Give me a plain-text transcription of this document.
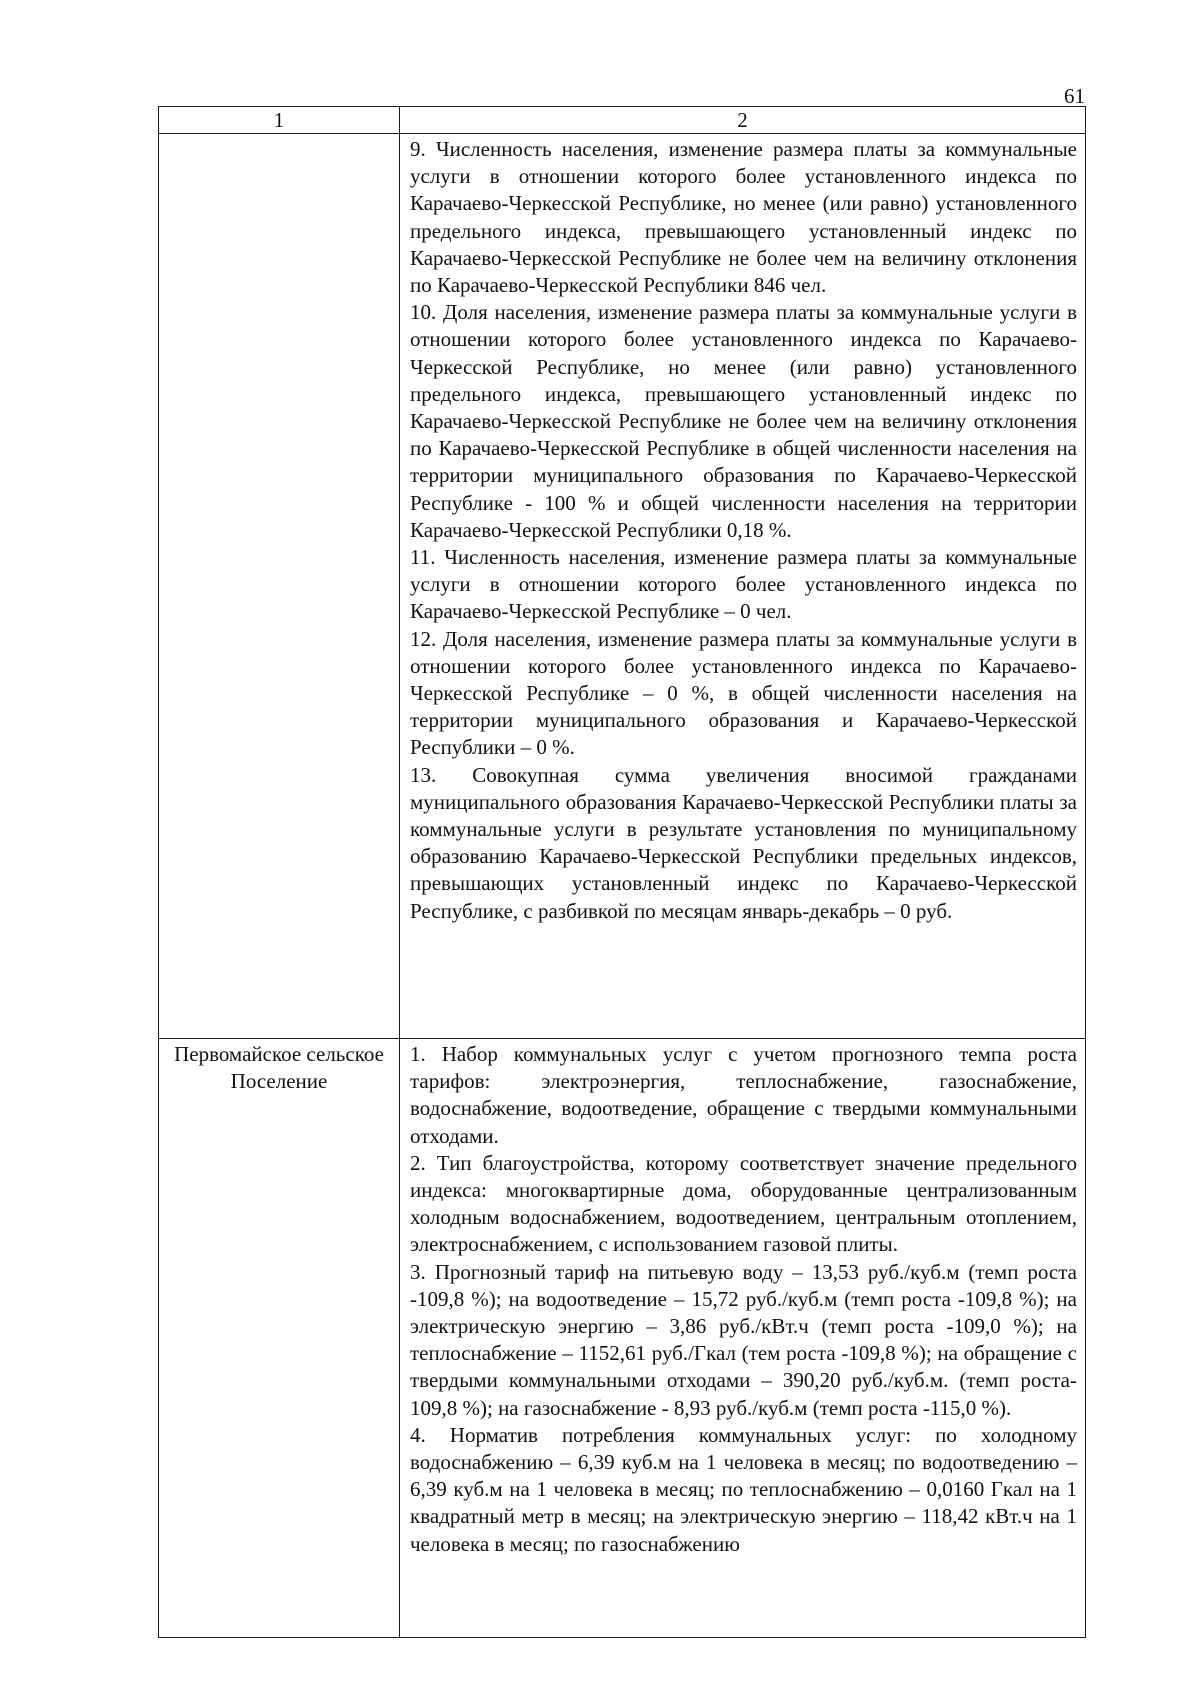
61
1	2

	9. Численность населения, изменение размера платы за коммунальные услуги в отношении которого более установленного индекса по Карачаево-Черкесской Республике, но менее (или равно) установленного предельного индекса, превышающего установленный индекс по Карачаево-Черкесской Республике не более чем на величину отклонения по Карачаево-Черкесской Республики 846 чел.

10. Доля населения, изменение размера платы за коммунальные услуги в отношении которого более установленного индекса по Карачаево-Черкесской Республике, но менее (или равно) установленного предельного индекса, превышающего установленный индекс по Карачаево-Черкесской Республике не более чем на величину отклонения по Карачаево-Черкесской Республике в общей численности населения на территории муниципального образования по Карачаево-Черкесской Республике - 100 % и общей численности населения на территории Карачаево-Черкесской Республики 0,18 %.

11. Численность населения, изменение размера платы за коммунальные услуги в отношении которого более установленного индекса по Карачаево-Черкесской Республике – 0 чел.

12. Доля населения, изменение размера платы за коммунальные услуги в отношении которого более установленного индекса по Карачаево-Черкесской Республике – 0 %, в общей численности населения на территории муниципального образования и Карачаево-Черкесской Республики – 0 %.

13. Совокупная сумма увеличения вносимой гражданами муниципального образования Карачаево-Черкесской Республики платы за коммунальные услуги в результате установления по муниципальному образованию Карачаево-Черкесской Республики предельных индексов, превышающих установленный индекс по Карачаево-Черкесской Республике, с разбивкой по месяцам январь-декабрь – 0 руб.

Первомайское сельское Поселение	1. Набор коммунальных услуг с учетом прогнозного темпа роста тарифов: электроэнергия, теплоснабжение, газоснабжение, водоснабжение, водоотведение, обращение с твердыми коммунальными отходами.

2. Тип благоустройства, которому соответствует значение предельного индекса: многоквартирные дома, оборудованные централизованным холодным водоснабжением, водоотведением, центральным отоплением, электроснабжением, с использованием газовой плиты.

3. Прогнозный тариф на питьевую воду – 13,53 руб./куб.м (темп роста -109,8 %); на водоотведение – 15,72 руб./куб.м (темп роста -109,8 %); на электрическую энергию – 3,86 руб./кВт.ч (темп роста -109,0 %); на теплоснабжение – 1152,61 руб./Гкал (тем роста -109,8 %); на обращение с твердыми коммунальными отходами – 390,20 руб./куб.м. (темп роста- 109,8 %); на газоснабжение - 8,93 руб./куб.м (темп роста -115,0 %).

4. Норматив потребления коммунальных услуг: по холодному водоснабжению – 6,39 куб.м на 1 человека в месяц; по водоотведению – 6,39 куб.м на 1 человека в месяц; по теплоснабжению – 0,0160 Гкал на 1 квадратный метр в месяц; на электрическую энергию – 118,42 кВт.ч на 1 человека в месяц; по газоснабжению
